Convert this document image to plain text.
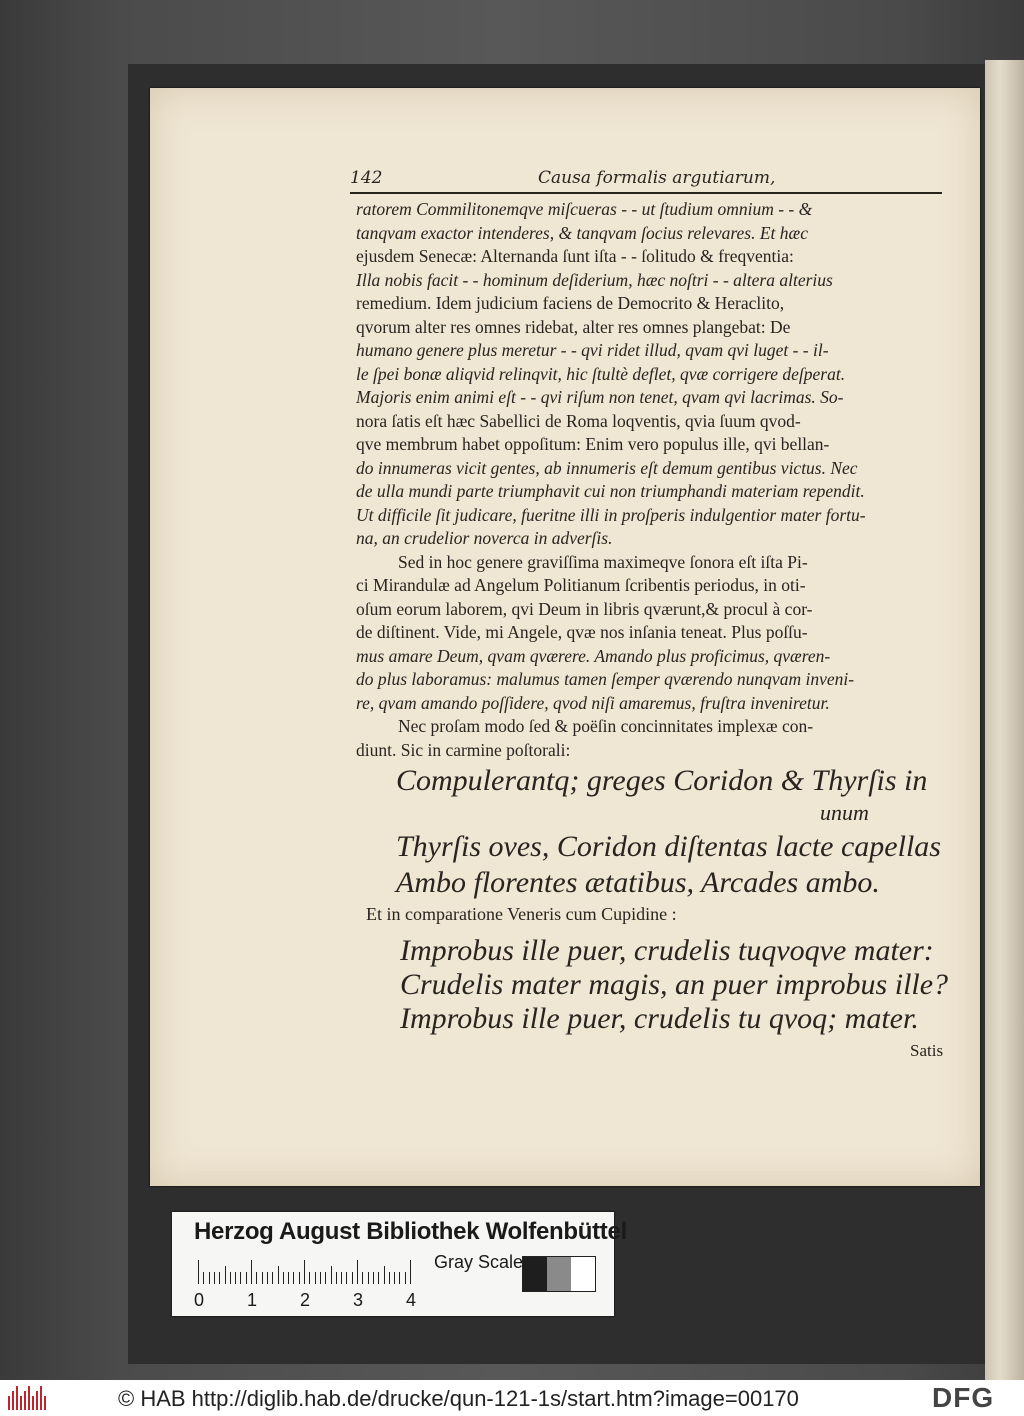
142	Causa formalis argutiarum,
ratorem Commilitonemqve miſcueras - - ut ſtudium omnium - - &
tanqvam exactor intenderes, & tanqvam ſocius relevares. Et hæc
ejusdem Senecæ: Alternanda ſunt iſta - - ſolitudo & freqventia:
Illa nobis facit - - hominum deſiderium, hæc noſtri - - altera alterius
remedium. Idem judicium faciens de Democrito & Heraclito,
qvorum alter res omnes ridebat, alter res omnes plangebat: De
humano genere plus meretur - - qvi ridet illud, qvam qvi luget - - il-
le ſpei bonæ aliqvid relinqvit, hic ſtultè deflet, qvæ corrigere deſperat.
Majoris enim animi eſt - - qvi riſum non tenet, qvam qvi lacrimas. So-
nora ſatis eſt hæc Sabellici de Roma loqventis, qvia ſuum qvod-
qve membrum habet oppoſitum: Enim vero populus ille, qvi bellan-
do innumeras vicit gentes, ab innumeris eſt demum gentibus victus. Nec
de ulla mundi parte triumphavit cui non triumphandi materiam rependit.
Ut difficile ſit judicare, fueritne illi in proſperis indulgentior mater fortu-
na, an crudelior noverca in adverſis.
Sed in hoc genere graviſſima maximeqve ſonora eſt iſta Pi-
ci Mirandulæ ad Angelum Politianum ſcribentis periodus, in oti-
oſum eorum laborem, qvi Deum in libris qværunt,& procul à cor-
de diſtinent. Vide, mi Angele, qvæ nos inſania teneat. Plus poſſu-
mus amare Deum, qvam qværere. Amando plus proficimus, qværen-
do plus laboramus: malumus tamen ſemper qværendo nunqvam inveni-
re, qvam amando poſſidere, qvod niſi amaremus, fruſtra inveniretur.
Nec proſam modo ſed & poëſin concinnitates implexæ con-
diunt. Sic in carmine poſtorali:
Compulerantq; greges Coridon & Thyrſis in
unum
Thyrſis oves, Coridon diſtentas lacte capellas
Ambo florentes ætatibus, Arcades ambo.
Et in comparatione Veneris cum Cupidine :
Improbus ille puer, crudelis tuqvoqve mater:
Crudelis mater magis, an puer improbus ille?
Improbus ille puer, crudelis tu qvoq; mater.
Satis
Herzog August Bibliothek Wolfenbüttel
0 1 2 3 4
Gray Scale
© HAB http://diglib.hab.de/drucke/qun-121-1s/start.htm?image=00170	DFG
